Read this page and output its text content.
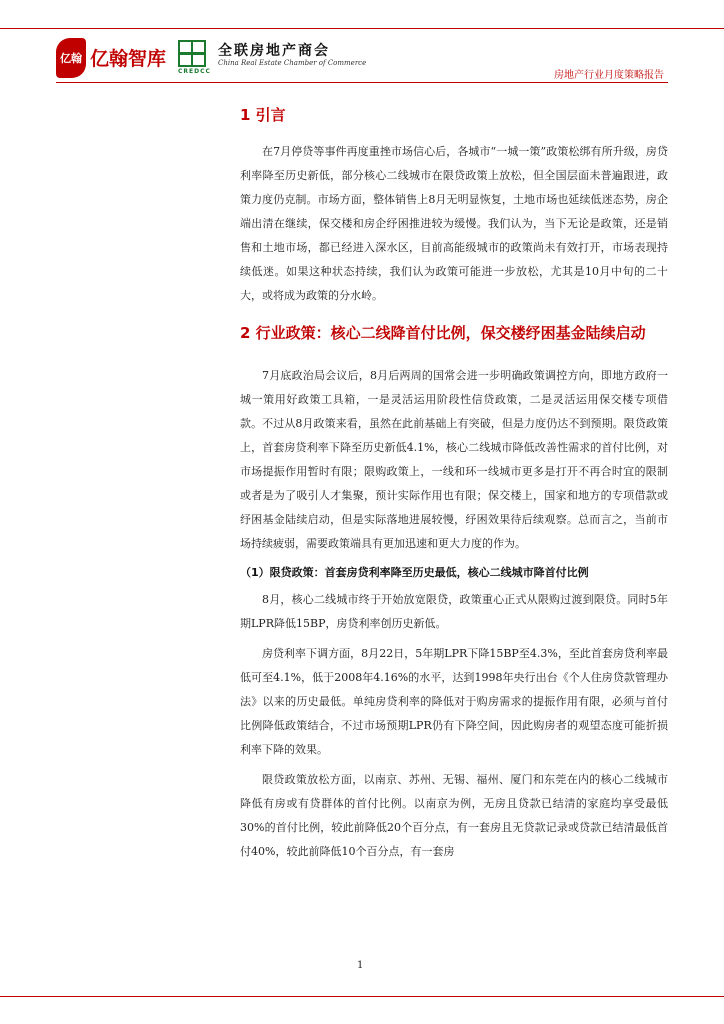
亿翰 亿翰智库
CREDCC
全联房地产商会
China Real Estate Chamber of Commerce
房地产行业月度策略报告
1 引言

在7月停贷等事件再度重挫市场信心后，各城市“一城一策”政策松绑有所升级，房贷利率降至历史新低，部分核心二线城市在限贷政策上放松，但全国层面未普遍跟进，政策力度仍克制。市场方面，整体销售上8月无明显恢复，土地市场也延续低迷态势，房企端出清在继续，保交楼和房企纾困推进较为缓慢。我们认为，当下无论是政策，还是销售和土地市场，都已经进入深水区，目前高能级城市的政策尚未有效打开，市场表现持续低迷。如果这种状态持续，我们认为政策可能进一步放松，尤其是10月中旬的二十大，或将成为政策的分水岭。

2 行业政策：核心二线降首付比例，保交楼纾困基金陆续启动

7月底政治局会议后，8月后两周的国常会进一步明确政策调控方向，即地方政府一城一策用好政策工具箱，一是灵活运用阶段性信贷政策，二是灵活运用保交楼专项借款。不过从8月政策来看，虽然在此前基础上有突破，但是力度仍达不到预期。限贷政策上，首套房贷利率下降至历史新低4.1%，核心二线城市降低改善性需求的首付比例，对市场提振作用暂时有限；限购政策上，一线和环一线城市更多是打开不再合时宜的限制或者是为了吸引人才集聚，预计实际作用也有限；保交楼上，国家和地方的专项借款或纾困基金陆续启动，但是实际落地进展较慢，纾困效果待后续观察。总而言之，当前市场持续疲弱，需要政策端具有更加迅速和更大力度的作为。

（1）限贷政策：首套房贷利率降至历史最低，核心二线城市降首付比例

8月，核心二线城市终于开始放宽限贷，政策重心正式从限购过渡到限贷。同时5年期LPR降低15BP，房贷利率创历史新低。

房贷利率下调方面，8月22日，5年期LPR下降15BP至4.3%，至此首套房贷利率最低可至4.1%，低于2008年4.16%的水平，达到1998年央行出台《个人住房贷款管理办法》以来的历史最低。单纯房贷利率的降低对于购房需求的提振作用有限，必须与首付比例降低政策结合，不过市场预期LPR仍有下降空间，因此购房者的观望态度可能折损利率下降的效果。

限贷政策放松方面，以南京、苏州、无锡、福州、厦门和东莞在内的核心二线城市降低有房或有贷群体的首付比例。以南京为例，无房且贷款已结清的家庭均享受最低30%的首付比例，较此前降低20个百分点，有一套房且无贷款记录或贷款已结清最低首付40%，较此前降低10个百分点，有一套房

1
